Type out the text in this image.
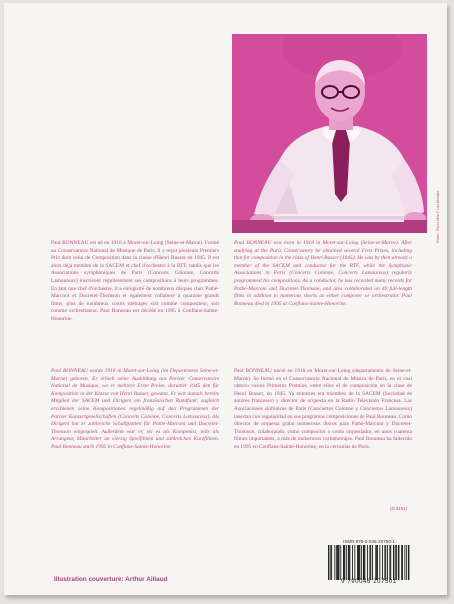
Photo : Pierre Milo © Léo Mirodor
Paul BONNEAU est né en 1918 à Moret-sur-Loing (Seine-et-Marne). Formé au Conservatoire National de Musique de Paris, il y reçut plusieurs Premiers Prix dont celui de Composition dans la classe d'Henri Busser en 1945. Il est alors déjà membre de la SACEM et chef d'orchestre à la RTF, tandis que les Associations symphoniques de Paris (Concerts Colonne, Concerts Lamoureux) inscrivent régulièrement ses compositions à leurs programmes. En tant que chef d'orchestre, il a enregistré de nombreux disques chez Pathé-Marconi et Ducretet-Thomson et également collaboré à quarante grands films, plus de nombreux courts métrages soit comme compositeur, soit comme orchestrateur. Paul Bonneau est décédé en 1995 à Conflans-Sainte-Honorine.
Paul BONNEAU was born in 1918 in Moret-sur-Loing (Seine-et-Marne). After studying at the Paris Conservatory he obtained several First Prizes, including that for composition in the class of Henri Busser (1945). He was by then already a member of the SACEM and conductor for the RTF, while the Symphonic Associations in Paris (Concerts Colonne, Concerts Lamoureux) regularly programmed his compositions. As a conductor, he has recorded many records for Pathé-Marconi and Ducretet-Thomson, and also collaborated on 40 full-length films in addition to numerous shorts as either composer or orchestrator. Paul Bonneau died in 1995 at Conflans-Sainte-Honorine.
Paul BONNEAU wurde 1918 in Moret-sur-Loing (im Departement Seine-et-Marne) geboren. Er erhielt seine Ausbildung am Pariser Conservatoire National de Musique, wo er mehrere Erste Preise, darunter 1945 den für Komposition in der Klasse von Henri Busser, gewann. Er war damals bereits Mitglied der SACEM und Dirigent am französischen Rundfunk; zugleich erschienen seine Kompositionen regelmäßig auf den Programmen der Pariser Konzertgesellschaften (Concerts Colonne, Concerts Lamoureux). Als Dirigent hat er zahlreiche Schallplatten für Pathé-Marconi und Ducretet-Thomson eingespielt. Außerdem war er, sei es als Komponist, teils als Arrangeur, Mitarbeiter an vierzig Spielfilmen und zahlreichen Kurzfilmen. Paul Bonneau starb 1995 in Conflans-Sainte-Honorine.
Paul BONNEAU nació en 1918 en Moret-sur-Loing (departamento de Seine-et-Marne). Se formó en el Conservatorio Nacional de Música de París, en el cual obtuvo varios Primeros Premios, entre ellos el de composición en la clase de Henri Busser, en 1945. Ya entonces era miembro de la SACEM (Sociedad de autores franceses) y director de orquesta en la Radio Televisión Francesa. Las Asociaciones sinfónicas de París (Conciertos Colonne y Conciertos Lamoureux) insertan con regularidad en sus programas composiciones de Paul Bonneau. Como director de orquesta grabó numerosos discos para Pathé-Marconi y Ducretet-Thomson, colaborando, como compositor o como orquestador, en unos cuarenta filmes importantes, a más de numerosos cortometrajes. Paul Bonneau ha fallecido en 1995 en Conflans-Sainte-Honorine, en la cercanías de París.
(D.3181)
ISMN 979-0-046-20750-1
9 790046 207501
Illustration couverture: Arthur Aillaud
